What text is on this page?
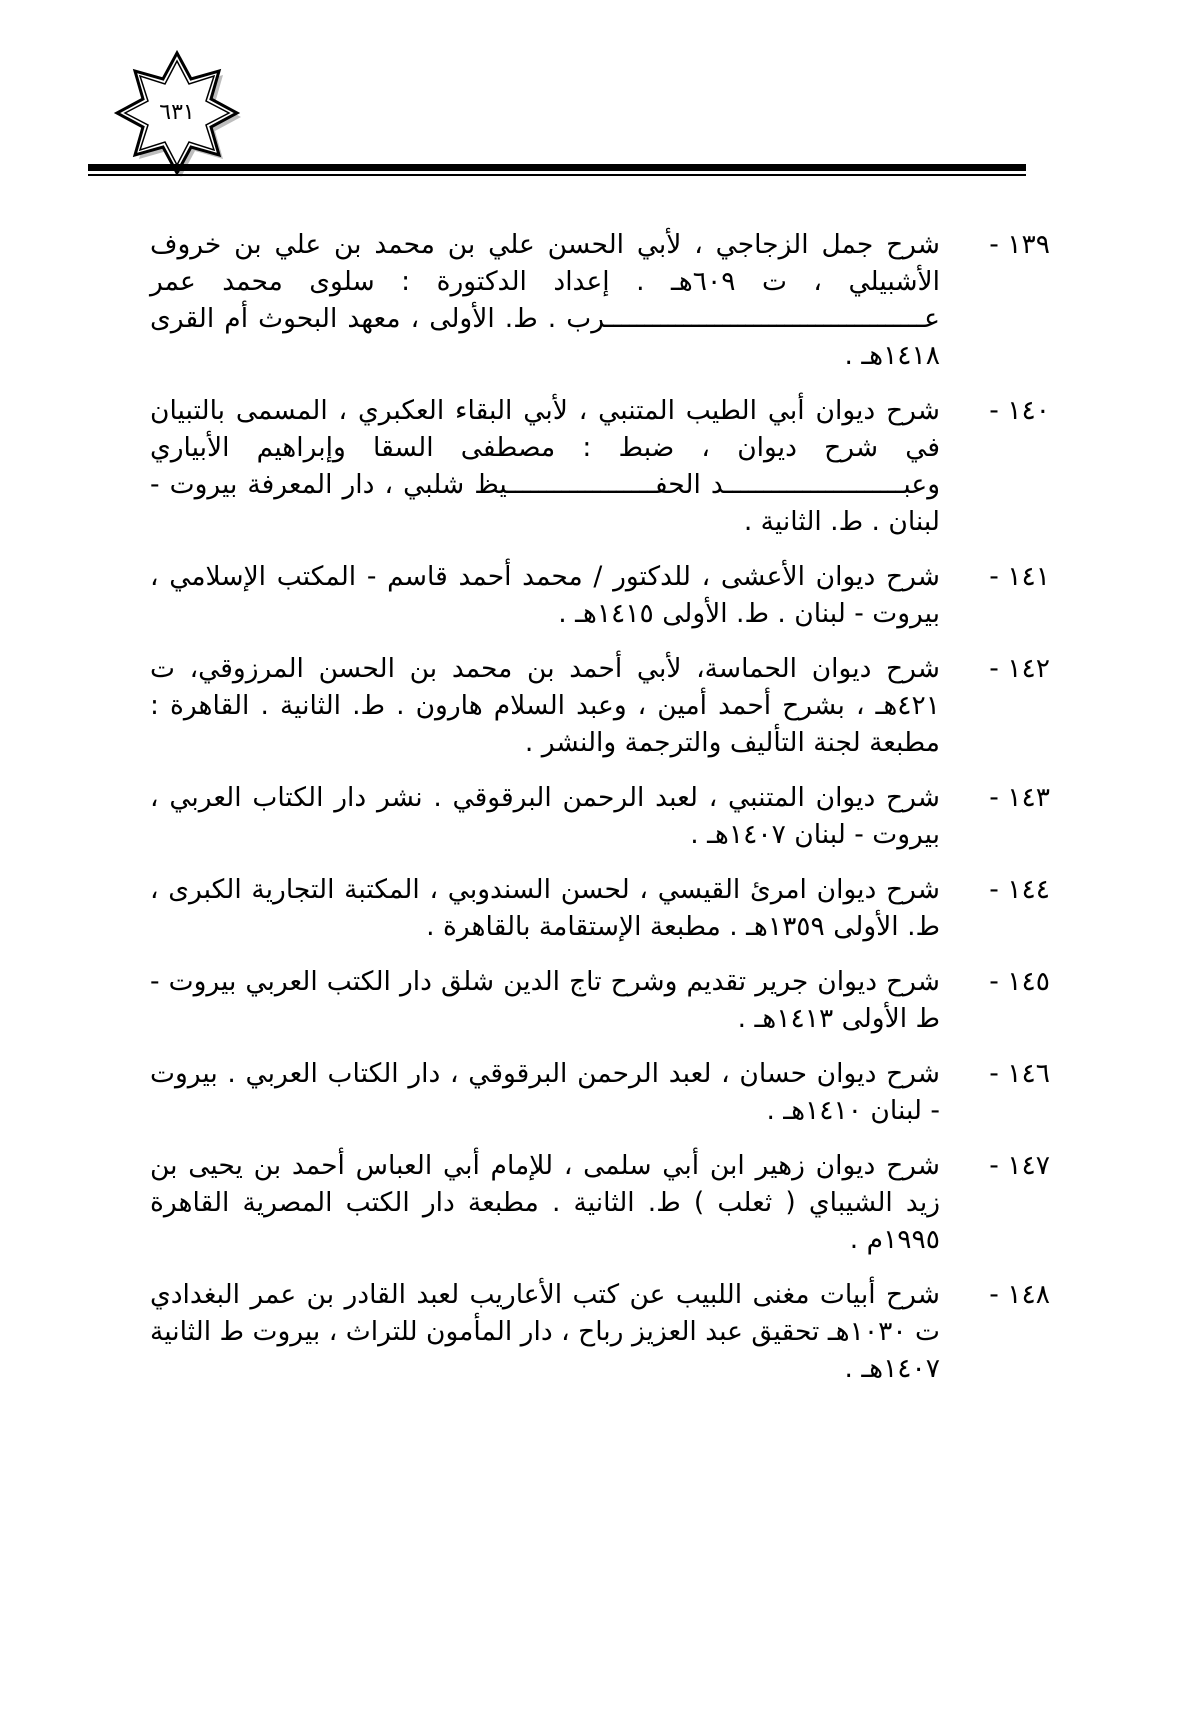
٦٣١
١٣٩ -
شرح جمل الزجاجي ، لأبي الحسن علي بن محمد بن علي بن خروف الأشبيلي ، ت ٦٠٩هـ . إعداد الدكتورة : سلوى محمد عمر عـــــــــــــــــــــــــــــــــــــــــرب . ط. الأولى ، معهد البحوث أم القرى ١٤١٨هـ .
١٤٠ -
شرح ديوان أبي الطيب المتنبي ، لأبي البقاء العكبري ، المسمى بالتبيان في شرح ديوان ، ضبط : مصطفى السقا وإبراهيم الأبياري وعبـــــــــــــــــــــــد الحفـــــــــــــــــــيظ شلبي ، دار المعرفة بيروت - لبنان . ط. الثانية .
١٤١ -
شرح ديوان الأعشى ، للدكتور / محمد أحمد قاسم - المكتب الإسلامي ، بيروت - لبنان . ط. الأولى ١٤١٥هـ .
١٤٢ -
شرح ديوان الحماسة، لأبي أحمد بن محمد بن الحسن المرزوقي، ت ٤٢١هـ ، بشرح أحمد أمين ، وعبد السلام هارون . ط. الثانية . القاهرة : مطبعة لجنة التأليف والترجمة والنشر .
١٤٣ -
شرح ديوان المتنبي ، لعبد الرحمن البرقوقي . نشر دار الكتاب العربي ، بيروت - لبنان ١٤٠٧هـ .
١٤٤ -
شرح ديوان امرئ القيسي ، لحسن السندوبي ، المكتبة التجارية الكبرى ، ط. الأولى ١٣٥٩هـ . مطبعة الإستقامة بالقاهرة .
١٤٥ -
شرح ديوان جرير تقديم وشرح تاج الدين شلق دار الكتب العربي بيروت - ط الأولى ١٤١٣هـ .
١٤٦ -
شرح ديوان حسان ، لعبد الرحمن البرقوقي ، دار الكتاب العربي . بيروت - لبنان ١٤١٠هـ .
١٤٧ -
شرح ديوان زهير ابن أبي سلمى ، للإمام أبي العباس أحمد بن يحيى بن زيد الشيباي ( ثعلب ) ط. الثانية . مطبعة دار الكتب المصرية القاهرة ١٩٩٥م .
١٤٨ -
شرح أبيات مغنى اللبيب عن كتب الأعاريب لعبد القادر بن عمر البغدادي ت ١٠٣٠هـ تحقيق عبد العزيز رباح ، دار المأمون للتراث ، بيروت ط الثانية ١٤٠٧هـ .
